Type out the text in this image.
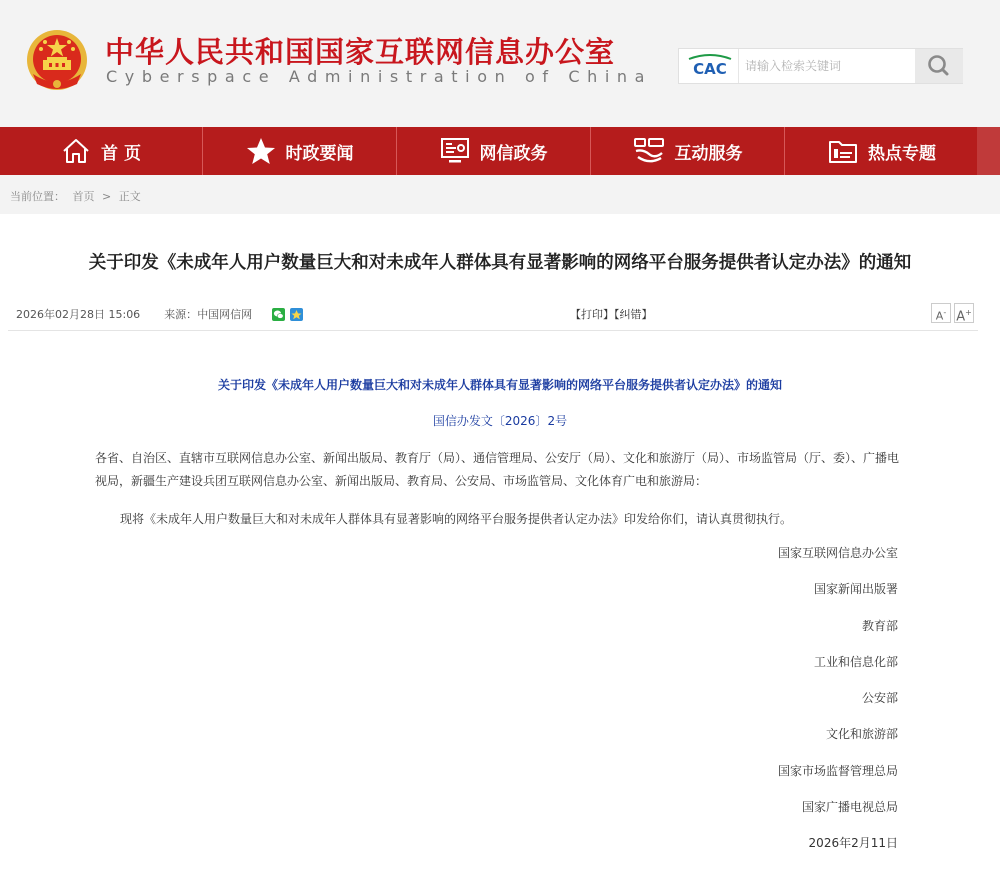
中华人民共和国国家互联网信息办公室
Cyberspace Administration of China	CAC
请输入检索关键词
首 页	时政要闻	网信政务	互动服务	热点专题
当前位置： 首页 > 正文
关于印发《未成年人用户数量巨大和对未成年人群体具有显著影响的网络平台服务提供者认定办法》的通知
2026年02月28日 15:06 来源： 中国网信网	【打印】【纠错】	A- A+
关于印发《未成年人用户数量巨大和对未成年人群体具有显著影响的网络平台服务提供者认定办法》的通知
国信办发文〔2026〕2号

各省、自治区、直辖市互联网信息办公室、新闻出版局、教育厅（局）、通信管理局、公安厅（局）、文化和旅游厅（局）、市场监管局（厅、委）、广播电视局，新疆生产建设兵团互联网信息办公室、新闻出版局、教育局、公安局、市场监管局、文化体育广电和旅游局：

现将《未成年人用户数量巨大和对未成年人群体具有显著影响的网络平台服务提供者认定办法》印发给你们，请认真贯彻执行。

国家互联网信息办公室
国家新闻出版署
教育部
工业和信息化部
公安部
文化和旅游部
国家市场监督管理总局
国家广播电视总局
2026年2月11日
